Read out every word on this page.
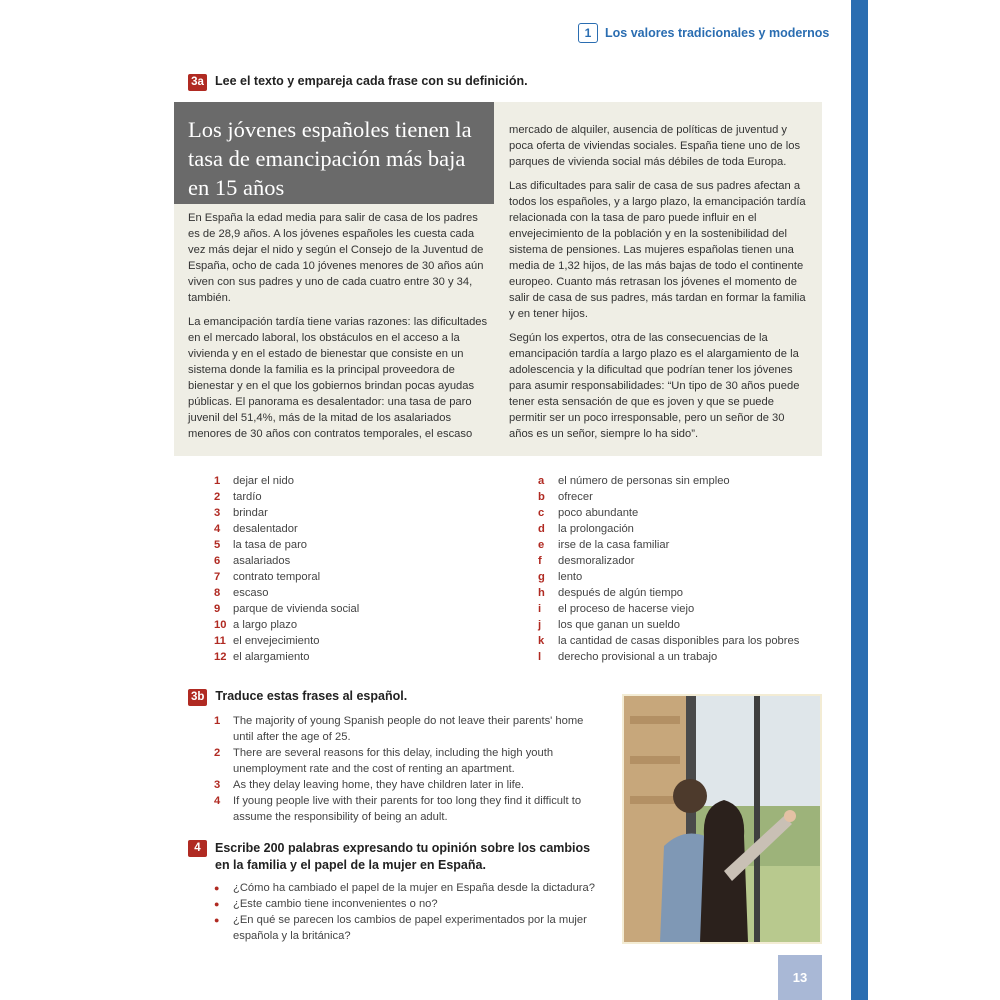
1	Los valores tradicionales y modernos
3a Lee el texto y empareja cada frase con su definición.
Los jóvenes españoles tienen la tasa de emancipación más baja en 15 años

En España la edad media para salir de casa de los padres es de 28,9 años. A los jóvenes españoles les cuesta cada vez más dejar el nido y según el Consejo de la Juventud de España, ocho de cada 10 jóvenes menores de 30 años aún viven con sus padres y uno de cada cuatro entre 30 y 34, también.

La emancipación tardía tiene varias razones: las dificultades en el mercado laboral, los obstáculos en el acceso a la vivienda y en el estado de bienestar que consiste en un sistema donde la familia es la principal proveedora de bienestar y en el que los gobiernos brindan pocas ayudas públicas. El panorama es desalentador: una tasa de paro juvenil del 51,4%, más de la mitad de los asalariados menores de 30 años con contratos temporales, el escaso

mercado de alquiler, ausencia de políticas de juventud y poca oferta de viviendas sociales. España tiene uno de los parques de vivienda social más débiles de toda Europa.

Las dificultades para salir de casa de sus padres afectan a todos los españoles, y a largo plazo, la emancipación tardía relacionada con la tasa de paro puede influir en el envejecimiento de la población y en la sostenibilidad del sistema de pensiones. Las mujeres españolas tienen una media de 1,32 hijos, de las más bajas de todo el continente europeo. Cuanto más retrasan los jóvenes el momento de salir de casa de sus padres, más tardan en formar la familia y en tener hijos.

Según los expertos, otra de las consecuencias de la emancipación tardía a largo plazo es el alargamiento de la adolescencia y la dificultad que podrían tener los jóvenes para asumir responsabilidades: “Un tipo de 30 años puede tener esta sensación de que es joven y que se puede permitir ser un poco irresponsable, pero un señor de 30 años es un señor, siempre lo ha sido”.

1	dejar el nido
2	tardío
3	brindar
4	desalentador
5	la tasa de paro
6	asalariados
7	contrato temporal
8	escaso
9	parque de vivienda social
10 a largo plazo
11 el envejecimiento
12 el alargamiento
a	el número de personas sin empleo
b	ofrecer
c	poco abundante
d	la prolongación
e	irse de la casa familiar
f	desmoralizador
g	lento
h	después de algún tiempo
i	el proceso de hacerse viejo
j	los que ganan un sueldo
k	la cantidad de casas disponibles para los pobres
l	derecho provisional a un trabajo
3b Traduce estas frases al español.
1	The majority of young Spanish people do not leave their parents' home until after the age of 25.
2	There are several reasons for this delay, including the high youth unemployment rate and the cost of renting an apartment.
3	As they delay leaving home, they have children later in life.
4	If young people live with their parents for too long they find it difficult to assume the responsibility of being an adult.
4	Escribe 200 palabras expresando tu opinión sobre los cambios en la familia y el papel de la mujer en España.
●	¿Cómo ha cambiado el papel de la mujer en España desde la dictadura?
●	¿Este cambio tiene inconvenientes o no?
●	¿En qué se parecen los cambios de papel experimentados por la mujer española y la británica?
13
